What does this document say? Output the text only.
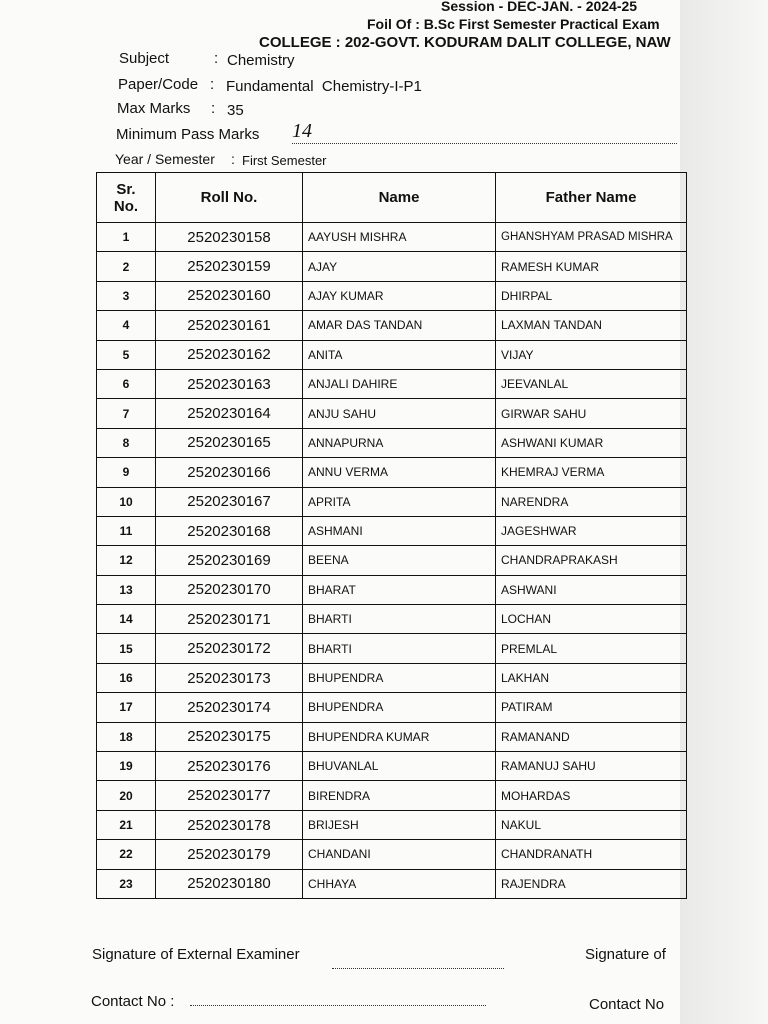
Session - DEC-JAN. - 2024-25
Foil Of : B.Sc First Semester Practical Exam
COLLEGE : 202-GOVT. KODURAM DALIT COLLEGE, NAW
Subject	: Chemistry
Paper/Code : Fundamental  Chemistry-I-P1
Max Marks : 35
Minimum Pass Marks 14
Year / Semester : First Semester
Sr. No.	Roll No.	Name	Father Name
1	2520230158	AAYUSH MISHRA	GHANSHYAM PRASAD MISHRA
2	2520230159	AJAY	RAMESH KUMAR
3	2520230160	AJAY KUMAR	DHIRPAL
4	2520230161	AMAR DAS TANDAN	LAXMAN TANDAN
5	2520230162	ANITA	VIJAY
6	2520230163	ANJALI DAHIRE	JEEVANLAL
7	2520230164	ANJU SAHU	GIRWAR SAHU
8	2520230165	ANNAPURNA	ASHWANI KUMAR
9	2520230166	ANNU VERMA	KHEMRAJ VERMA
10	2520230167	APRITA	NARENDRA
11	2520230168	ASHMANI	JAGESHWAR
12	2520230169	BEENA	CHANDRAPRAKASH
13	2520230170	BHARAT	ASHWANI
14	2520230171	BHARTI	LOCHAN
15	2520230172	BHARTI	PREMLAL
16	2520230173	BHUPENDRA	LAKHAN
17	2520230174	BHUPENDRA	PATIRAM
18	2520230175	BHUPENDRA KUMAR	RAMANAND
19	2520230176	BHUVANLAL	RAMANUJ SAHU
20	2520230177	BIRENDRA	MOHARDAS
21	2520230178	BRIJESH	NAKUL
22	2520230179	CHANDANI	CHANDRANATH
23	2520230180	CHHAYA	RAJENDRA
Signature of External Examiner	Signature of
Contact No :	Contact No
